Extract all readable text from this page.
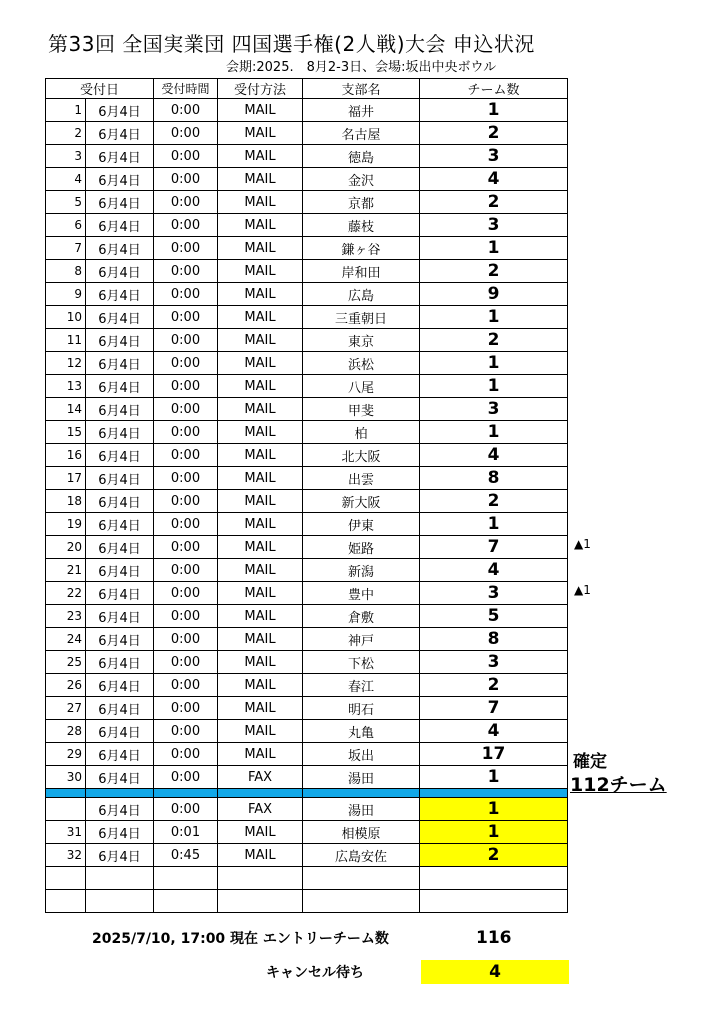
第33回 全国実業団 四国選手権(2人戦)大会 申込状況
会期:2025.　8月2-3日、会場:坂出中央ボウル
受付日		受付時間	受付方法	支部名	チーム数
1	6月4日	0:00	MAIL	福井	1
2	6月4日	0:00	MAIL	名古屋	2
3	6月4日	0:00	MAIL	徳島	3
4	6月4日	0:00	MAIL	金沢	4
5	6月4日	0:00	MAIL	京都	2
6	6月4日	0:00	MAIL	藤枝	3
7	6月4日	0:00	MAIL	鎌ヶ谷	1
8	6月4日	0:00	MAIL	岸和田	2
9	6月4日	0:00	MAIL	広島	9
10	6月4日	0:00	MAIL	三重朝日	1
11	6月4日	0:00	MAIL	東京	2
12	6月4日	0:00	MAIL	浜松	1
13	6月4日	0:00	MAIL	八尾	1
14	6月4日	0:00	MAIL	甲斐	3
15	6月4日	0:00	MAIL	柏	1
16	6月4日	0:00	MAIL	北大阪	4
17	6月4日	0:00	MAIL	出雲	8
18	6月4日	0:00	MAIL	新大阪	2
19	6月4日	0:00	MAIL	伊東	1
20	6月4日	0:00	MAIL	姫路	7
21	6月4日	0:00	MAIL	新潟	4
22	6月4日	0:00	MAIL	豊中	3
23	6月4日	0:00	MAIL	倉敷	5
24	6月4日	0:00	MAIL	神戸	8
25	6月4日	0:00	MAIL	下松	3
26	6月4日	0:00	MAIL	春江	2
27	6月4日	0:00	MAIL	明石	7
28	6月4日	0:00	MAIL	丸亀	4
29	6月4日	0:00	MAIL	坂出	17
30	6月4日	0:00	FAX	湯田	1

	6月4日	0:00	FAX	湯田	1
31	6月4日	0:01	MAIL	相模原	1
32	6月4日	0:45	MAIL	広島安佐	2

▲1
▲1
確定
112チーム
2025/7/10, 17:00 現在 エントリーチーム数	116
キャンセル待ち	4
